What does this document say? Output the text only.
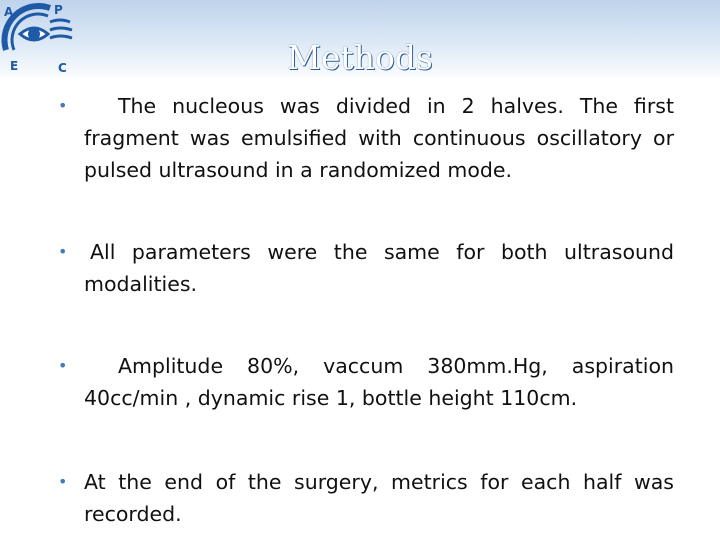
A	P
E	C	Methods
•	The nucleous was divided in 2 halves. The first fragment was emulsified with continuous oscillatory or pulsed ultrasound in a randomized mode.
• All parameters were the same for both ultrasound modalities.
•	Amplitude 80%, vaccum 380mm.Hg, aspiration 40cc/min , dynamic rise 1, bottle height 110cm.
• At the end of the surgery, metrics for each half was recorded.
